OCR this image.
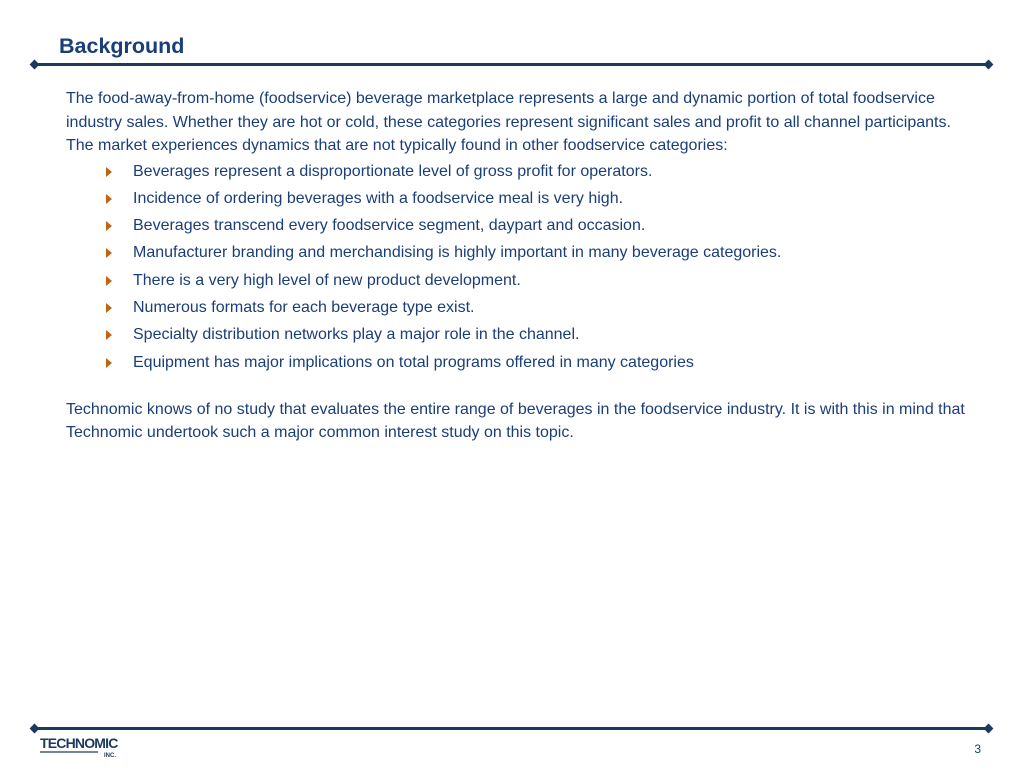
Background

The food-away-from-home (foodservice) beverage marketplace represents a large and dynamic portion of total foodservice industry sales. Whether they are hot or cold, these categories represent significant sales and profit to all channel participants. The market experiences dynamics that are not typically found in other foodservice categories:

Beverages represent a disproportionate level of gross profit for operators.
Incidence of ordering beverages with a foodservice meal is very high.
Beverages transcend every foodservice segment, daypart and occasion.
Manufacturer branding and merchandising is highly important in many beverage categories.
There is a very high level of new product development.
Numerous formats for each beverage type exist.
Specialty distribution networks play a major role in the channel.
Equipment has major implications on total programs offered in many categories

Technomic knows of no study that evaluates the entire range of beverages in the foodservice industry. It is with this in mind that Technomic undertook such a major common interest study on this topic.

TECHNOMIC
INC.	3
